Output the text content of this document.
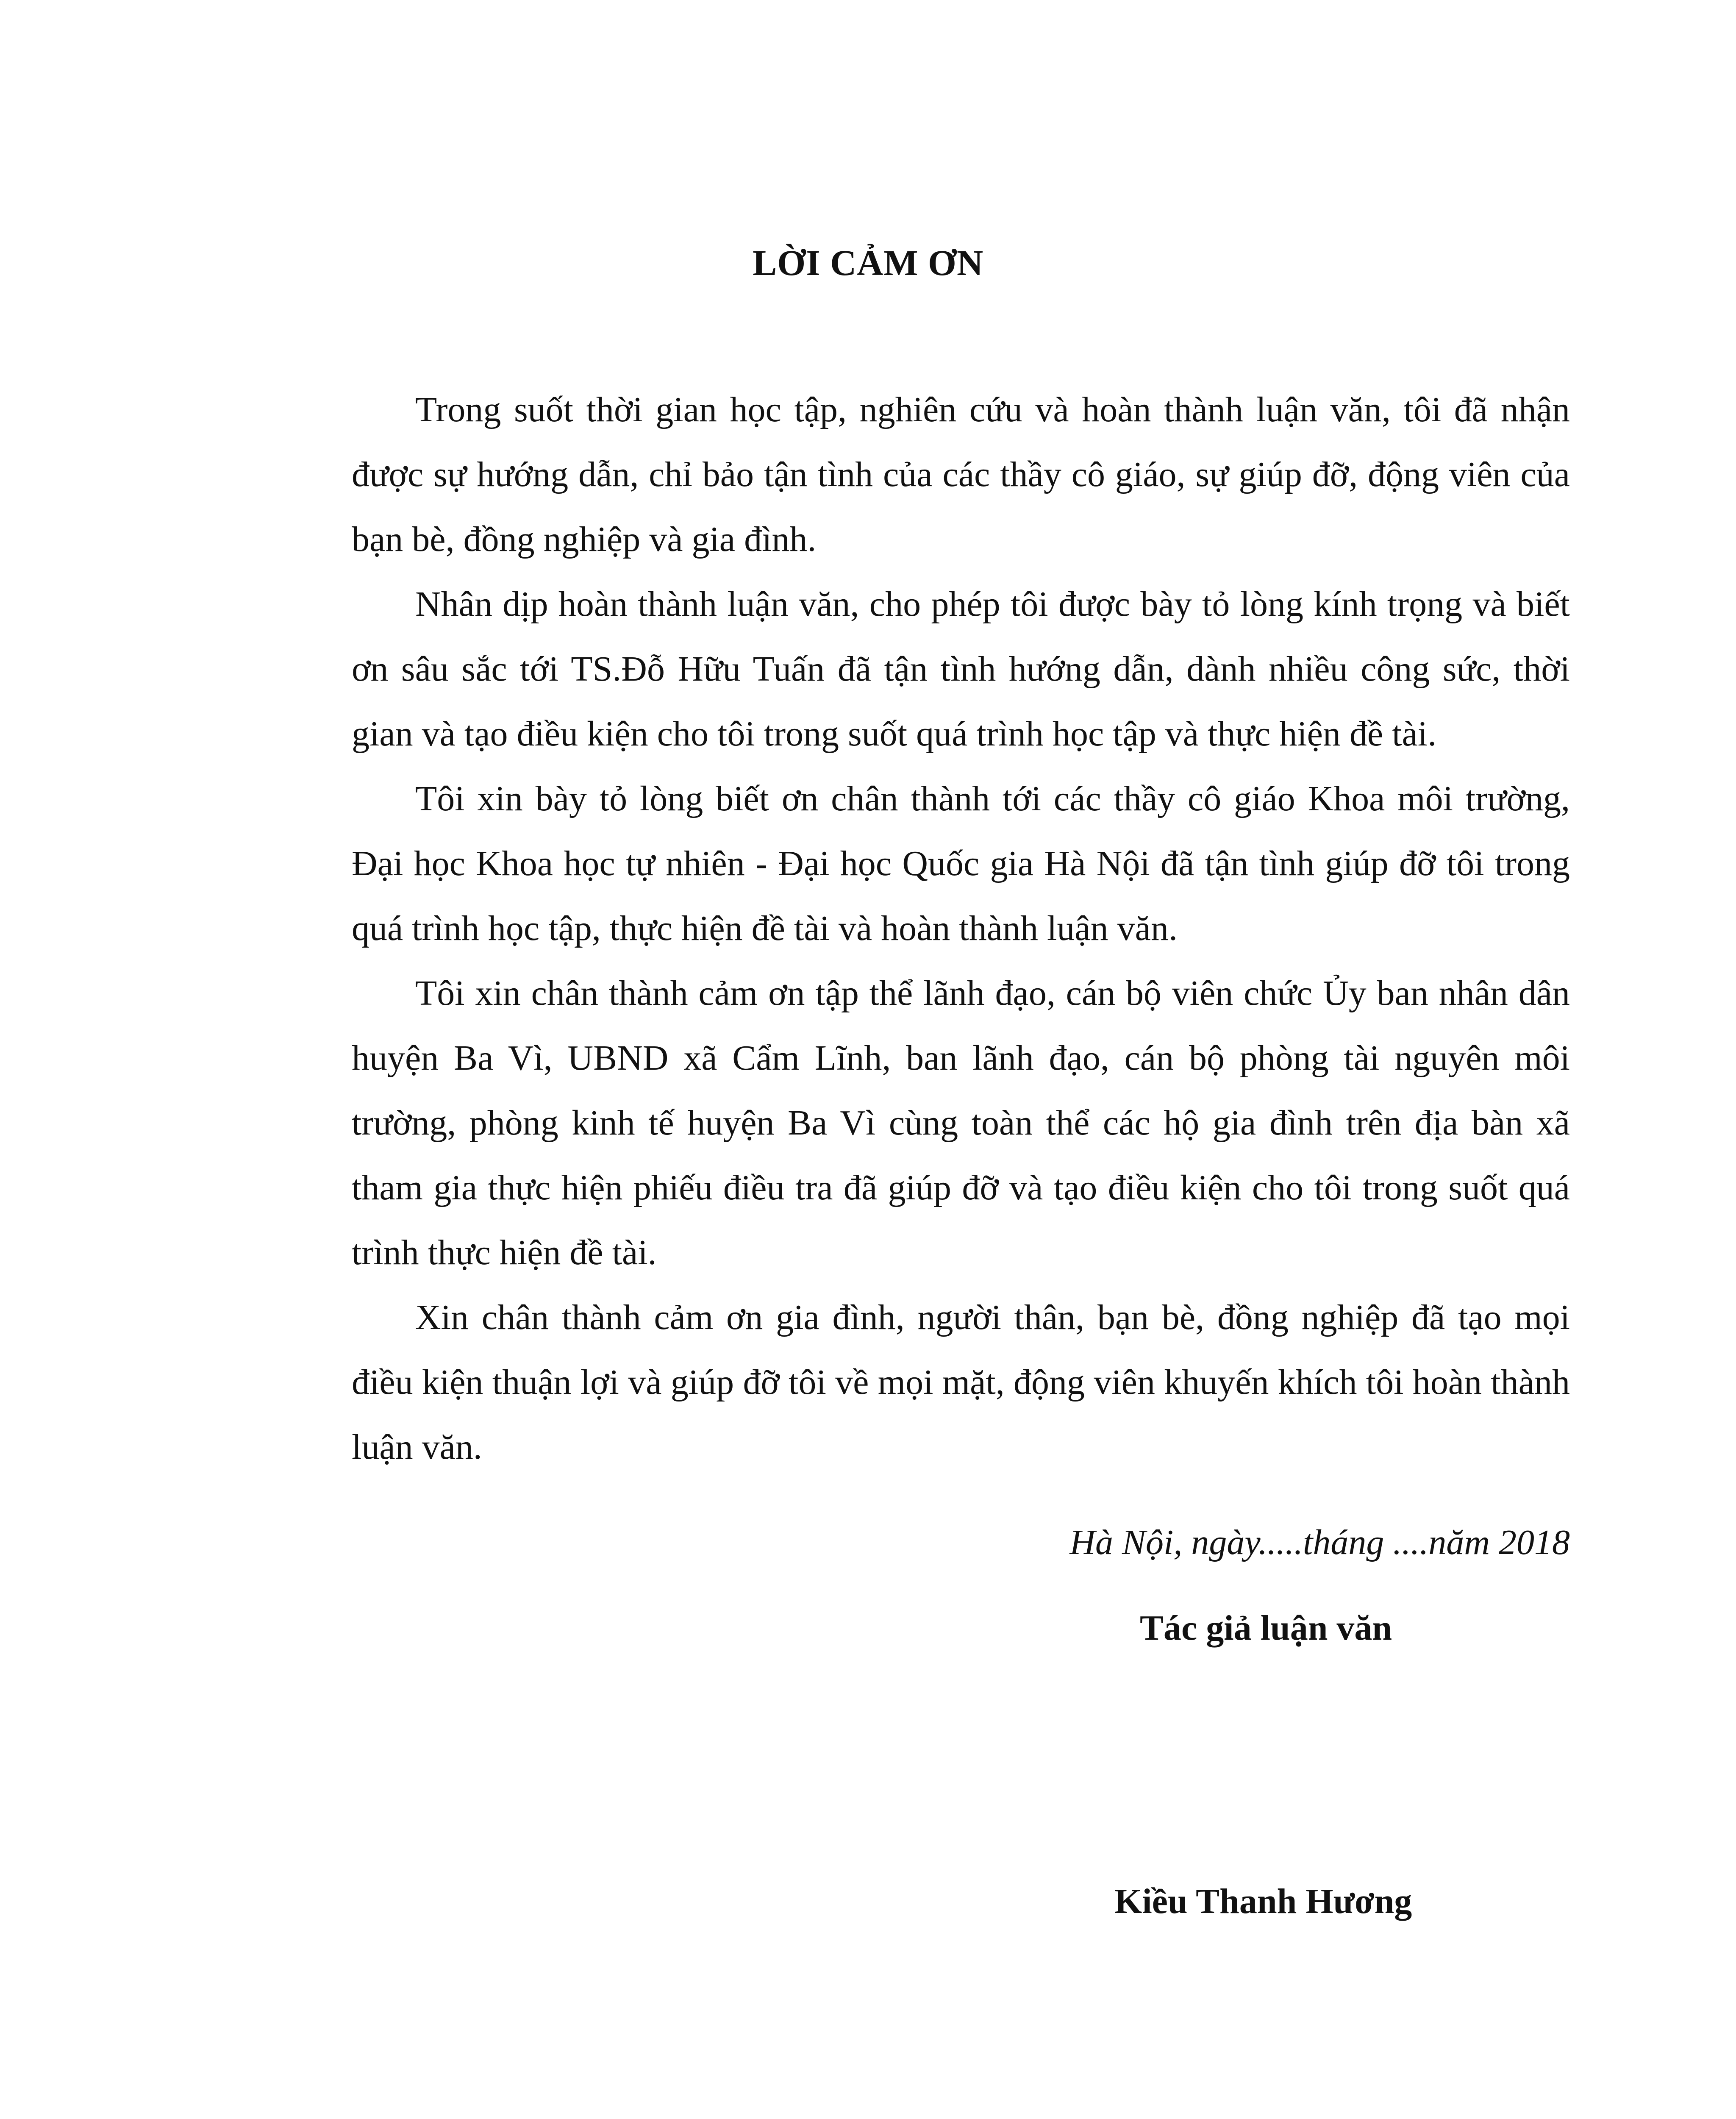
LỜI CẢM ƠN

Trong suốt thời gian học tập, nghiên cứu và hoàn thành luận văn, tôi đã nhận được sự hướng dẫn, chỉ bảo tận tình của các thầy cô giáo, sự giúp đỡ, động viên của bạn bè, đồng nghiệp và gia đình.

Nhân dịp hoàn thành luận văn, cho phép tôi được bày tỏ lòng kính trọng và biết ơn sâu sắc tới TS.Đỗ Hữu Tuấn đã tận tình hướng dẫn, dành nhiều công sức, thời gian và tạo điều kiện cho tôi trong suốt quá trình học tập và thực hiện đề tài.

Tôi xin bày tỏ lòng biết ơn chân thành tới các thầy cô giáo Khoa môi trường, Đại học Khoa học tự nhiên - Đại học Quốc gia Hà Nội đã tận tình giúp đỡ tôi trong quá trình học tập, thực hiện đề tài và hoàn thành luận văn.

Tôi xin chân thành cảm ơn tập thể lãnh đạo, cán bộ viên chức Ủy ban nhân dân huyện Ba Vì, UBND xã Cẩm Lĩnh, ban lãnh đạo, cán bộ phòng tài nguyên môi trường, phòng kinh tế huyện Ba Vì cùng toàn thể các hộ gia đình trên địa bàn xã tham gia thực hiện phiếu điều tra đã giúp đỡ và tạo điều kiện cho tôi trong suốt quá trình thực hiện đề tài.

Xin chân thành cảm ơn gia đình, người thân, bạn bè, đồng nghiệp đã tạo mọi điều kiện thuận lợi và giúp đỡ tôi về mọi mặt, động viên khuyến khích tôi hoàn thành luận văn.

Hà Nội, ngày.....tháng ....năm 2018
Tác giả luận văn
Kiều Thanh Hương
